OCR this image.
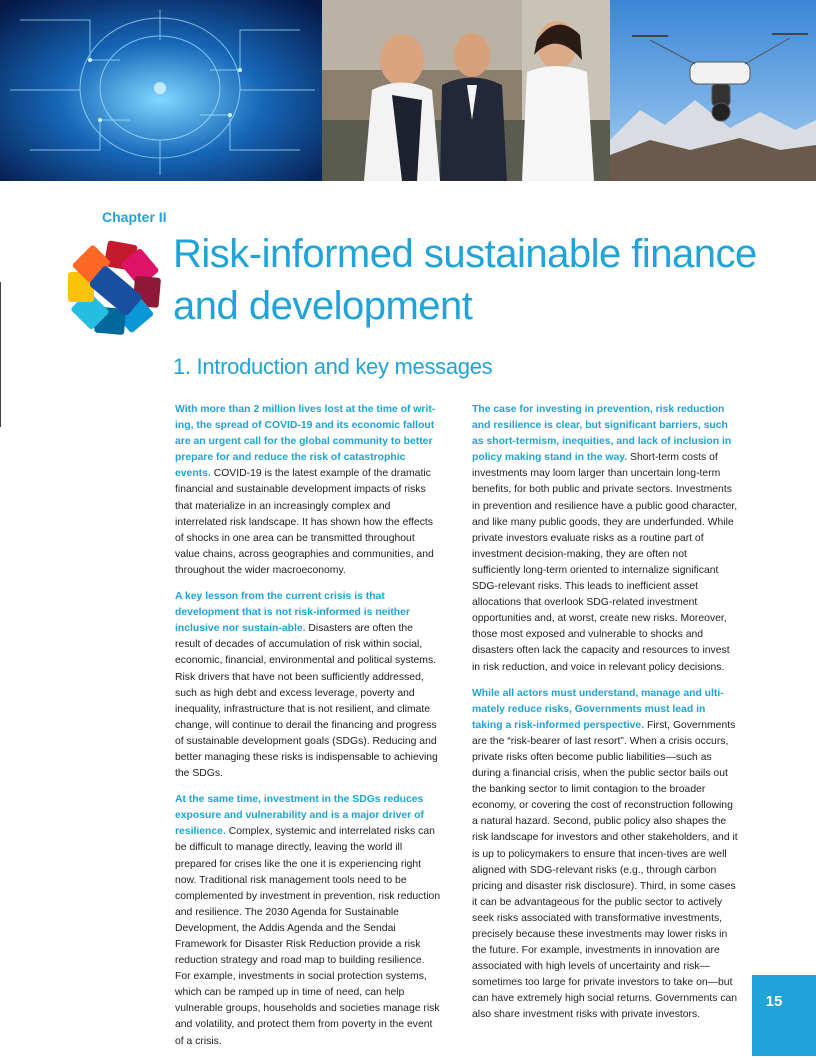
Chapter II
Risk-informed sustainable finance
and development
1. Introduction and key messages

With more than 2 million lives lost at the time of writ-ing, the spread of COVID-19 and its economic fallout are an urgent call for the global community to better prepare for and reduce the risk of catastrophic events. COVID-19 is the latest example of the dramatic financial and sustainable development impacts of risks that materialize in an increasingly complex and interrelated risk landscape. It has shown how the effects of shocks in one area can be transmitted throughout value chains, across geographies and communities, and throughout the wider macroeconomy.

A key lesson from the current crisis is that development that is not risk-informed is neither inclusive nor sustain-able. Disasters are often the result of decades of accumulation of risk within social, economic, financial, environmental and political systems. Risk drivers that have not been sufficiently addressed, such as high debt and excess leverage, poverty and inequality, infrastructure that is not resilient, and climate change, will continue to derail the financing and progress of sustainable development goals (SDGs). Reducing and better managing these risks is indispensable to achieving the SDGs.

At the same time, investment in the SDGs reduces exposure and vulnerability and is a major driver of resilience. Complex, systemic and interrelated risks can be difficult to manage directly, leaving the world ill prepared for crises like the one it is experiencing right now. Traditional risk management tools need to be complemented by investment in prevention, risk reduction and resilience. The 2030 Agenda for Sustainable Development, the Addis Agenda and the Sendai Framework for Disaster Risk Reduction provide a risk reduction strategy and road map to building resilience. For example, investments in social protection systems, which can be ramped up in time of need, can help vulnerable groups, households and societies manage risk and volatility, and protect them from poverty in the event of a crisis.

The case for investing in prevention, risk reduction and resilience is clear, but significant barriers, such as short-termism, inequities, and lack of inclusion in policy making stand in the way. Short-term costs of investments may loom larger than uncertain long-term benefits, for both public and private sectors. Investments in prevention and resilience have a public good character, and like many public goods, they are underfunded. While private investors evaluate risks as a routine part of investment decision-making, they are often not sufficiently long-term oriented to internalize significant SDG-relevant risks. This leads to inefficient asset allocations that overlook SDG-related investment opportunities and, at worst, create new risks. Moreover, those most exposed and vulnerable to shocks and disasters often lack the capacity and resources to invest in risk reduction, and voice in relevant policy decisions.

While all actors must understand, manage and ulti-mately reduce risks, Governments must lead in taking a risk-informed perspective. First, Governments are the “risk-bearer of last resort”. When a crisis occurs, private risks often become public liabilities—such as during a financial crisis, when the public sector bails out the banking sector to limit contagion to the broader economy, or covering the cost of reconstruction following a natural hazard. Second, public policy also shapes the risk landscape for investors and other stakeholders, and it is up to policymakers to ensure that incen-tives are well aligned with SDG-relevant risks (e.g., through carbon pricing and disaster risk disclosure). Third, in some cases it can be advantageous for the public sector to actively seek risks associated with transformative investments, precisely because these investments may lower risks in the future. For example, investments in innovation are associated with high levels of uncertainty and risk—sometimes too large for private investors to take on—but can have extremely high social returns. Governments can also share investment risks with private investors.

15
